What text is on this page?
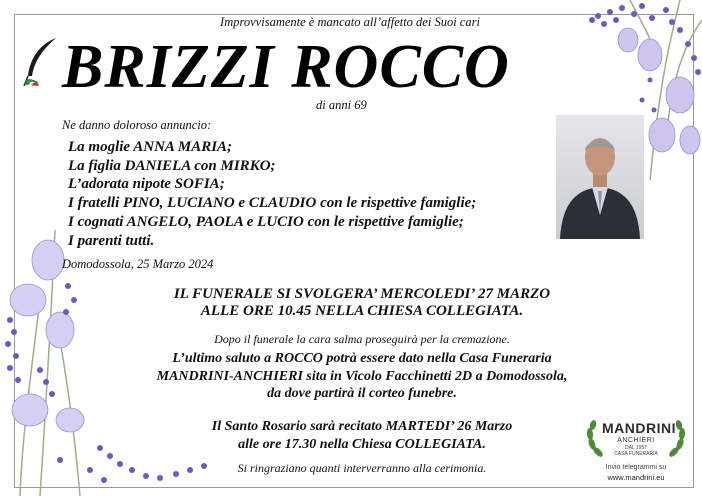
Improvvisamente è mancato all’affetto dei Suoi cari

BRIZZI ROCCO

di anni 69

Ne danno doloroso annuncio:

La moglie ANNA MARIA;
La figlia DANIELA con MIRKO;
L’adorata nipote SOFIA;
I fratelli PINO, LUCIANO e CLAUDIO con le rispettive famiglie;
I cognati ANGELO, PAOLA e LUCIO con le rispettive famiglie;
I parenti tutti.

Domodossola, 25 Marzo 2024

IL FUNERALE SI SVOLGERA’ MERCOLEDI’ 27 MARZO
ALLE ORE 10.45 NELLA CHIESA COLLEGIATA.

Dopo il funerale la cara salma proseguirà per la cremazione.

L’ultimo saluto a ROCCO potrà essere dato nella Casa Funeraria
MANDRINI-ANCHIERI sita in Vicolo Facchinetti 2D a Domodossola,
da dove partirà il corteo funebre.
Il Santo Rosario sarà recitato MARTEDI’ 26 Marzo
alle ore 17.30 nella Chiesa COLLEGIATA.

Si ringraziano quanti interverranno alla cerimonia.

MANDRINI
ANCHIERI
DAL 1957
CASA FUNERARIA
Invio telegrammi su
www.mandrini.eu
